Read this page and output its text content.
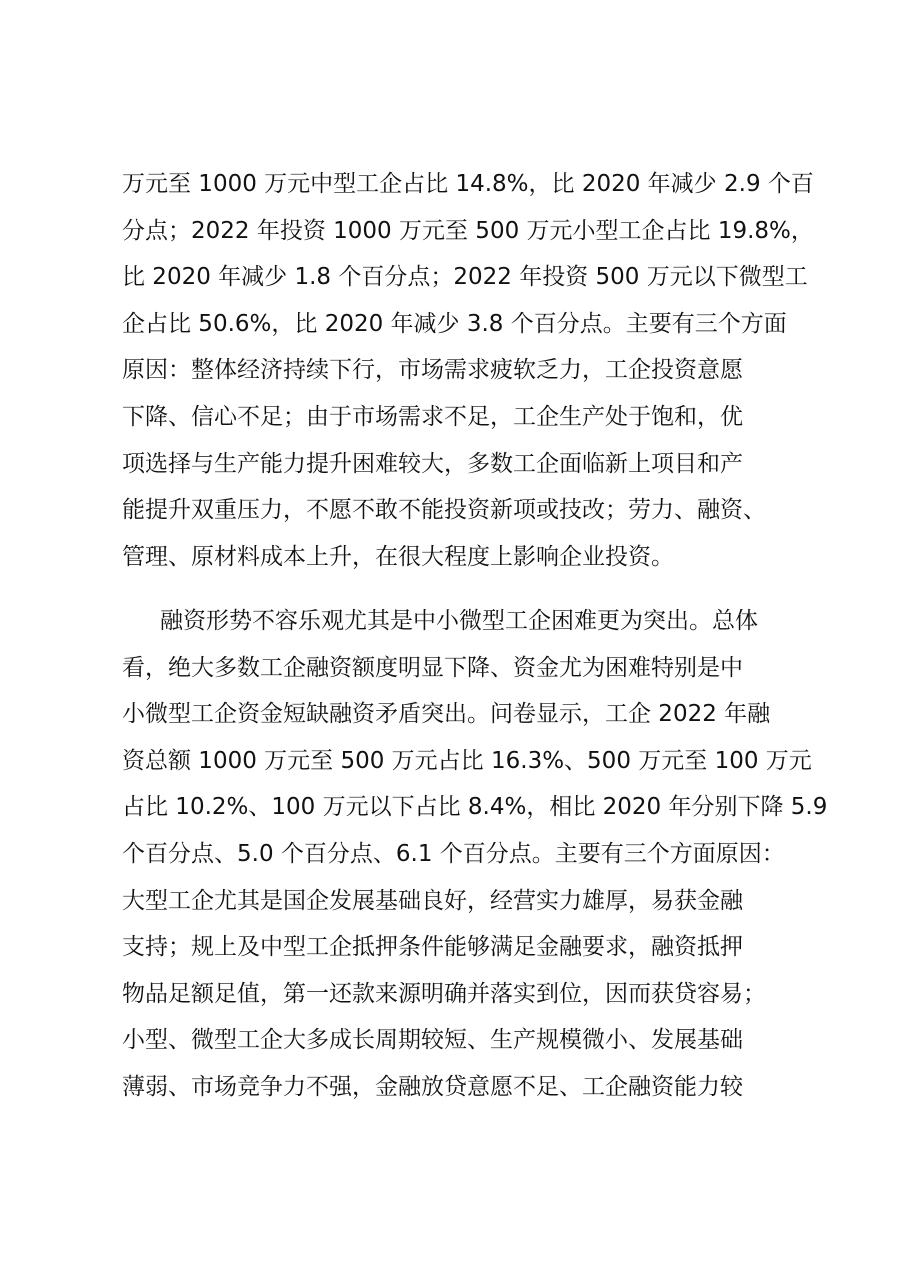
万元至 1000 万元中型工企占比 14.8%，比 2020 年减少 2.9 个百
分点；2022 年投资 1000 万元至 500 万元小型工企占比 19.8%，
比 2020 年减少 1.8 个百分点；2022 年投资 500 万元以下微型工
企占比 50.6%，比 2020 年减少 3.8 个百分点。主要有三个方面
原因：整体经济持续下行，市场需求疲软乏力，工企投资意愿
下降、信心不足；由于市场需求不足，工企生产处于饱和，优
项选择与生产能力提升困难较大，多数工企面临新上项目和产
能提升双重压力，不愿不敢不能投资新项或技改；劳力、融资、
管理、原材料成本上升，在很大程度上影响企业投资。
融资形势不容乐观尤其是中小微型工企困难更为突出。总体
看，绝大多数工企融资额度明显下降、资金尤为困难特别是中
小微型工企资金短缺融资矛盾突出。问卷显示，工企 2022 年融
资总额 1000 万元至 500 万元占比 16.3%、500 万元至 100 万元
占比 10.2%、100 万元以下占比 8.4%，相比 2020 年分别下降 5.9
个百分点、5.0 个百分点、6.1 个百分点。主要有三个方面原因：
大型工企尤其是国企发展基础良好，经营实力雄厚，易获金融
支持；规上及中型工企抵押条件能够满足金融要求，融资抵押
物品足额足值，第一还款来源明确并落实到位，因而获贷容易；
小型、微型工企大多成长周期较短、生产规模微小、发展基础
薄弱、市场竞争力不强，金融放贷意愿不足、工企融资能力较
